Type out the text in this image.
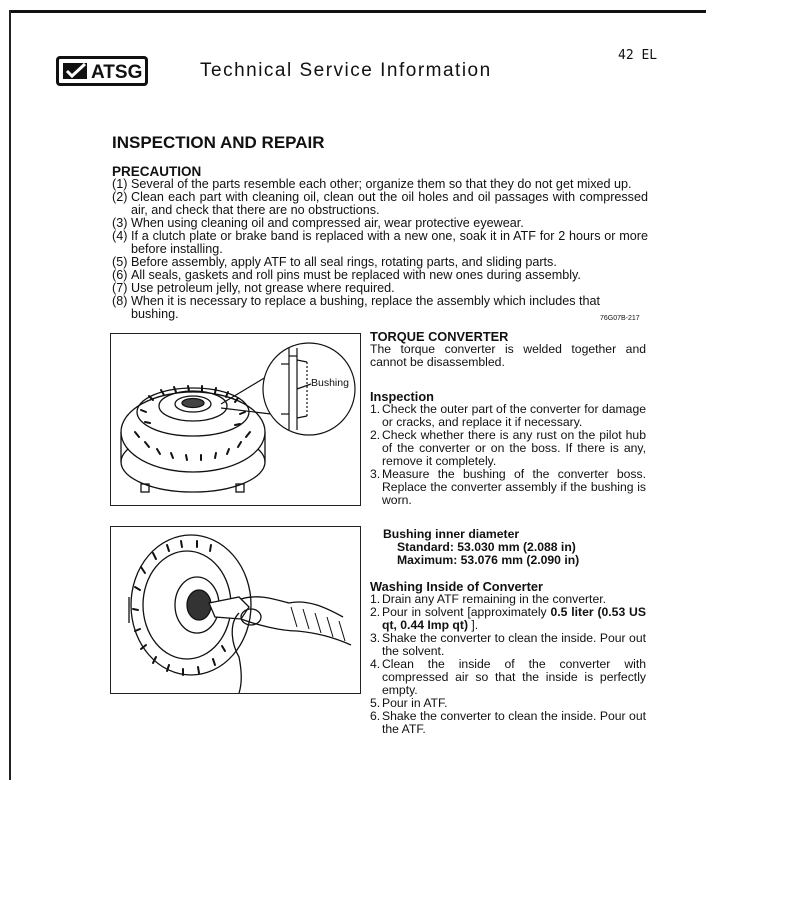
ATSG	Technical Service Information
42 EL
INSPECTION AND REPAIR
PRECAUTION
(1) Several of the parts resemble each other; organize them so that they do not get mixed up.
(2) Clean each part with cleaning oil, clean out the oil holes and oil passages with compressed air, and check that there are no obstructions.
(3) When using cleaning oil and compressed air, wear protective eyewear.
(4) If a clutch plate or brake band is replaced with a new one, soak it in ATF for 2 hours or more before installing.
(5) Before assembly, apply ATF to all seal rings, rotating parts, and sliding parts.
(6) All seals, gaskets and roll pins must be replaced with new ones during assembly.
(7) Use petroleum jelly, not grease where required.
(8) When it is necessary to replace a bushing, replace the assembly which includes that bushing.	76G07B-217
Bushing
TORQUE CONVERTER

The torque converter is welded together and cannot be disassembled.

Inspection
1. Check the outer part of the converter for damage or cracks, and replace it if necessary.
2. Check whether there is any rust on the pilot hub of the converter or on the boss. If there is any, remove it completely.
3. Measure the bushing of the converter boss. Replace the converter assembly if the bushing is worn.
Bushing inner diameter
Standard: 53.030 mm (2.088 in)
Maximum: 53.076 mm (2.090 in)
Washing Inside of Converter
1. Drain any ATF remaining in the converter.
2. Pour in solvent [approximately 0.5 liter (0.53 US qt, 0.44 Imp qt) ].
3. Shake the converter to clean the inside. Pour out the solvent.
4. Clean the inside of the converter with compressed air so that the inside is perfectly empty.
5. Pour in ATF.
6. Shake the converter to clean the inside. Pour out the ATF.
